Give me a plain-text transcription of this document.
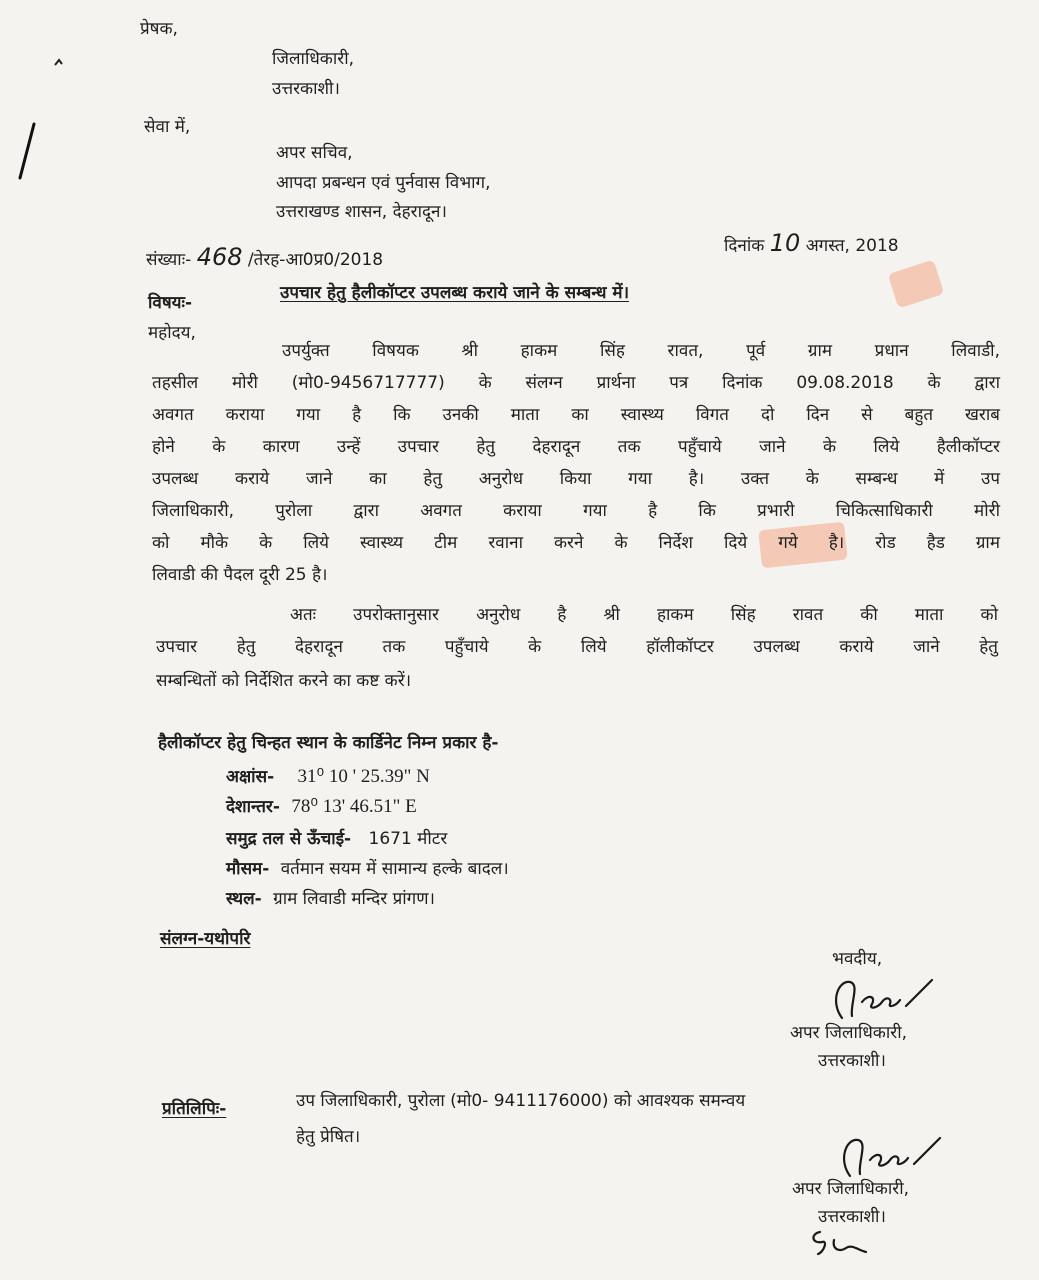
प्रेषक,
जिलाधिकारी,
उत्तरकाशी।
सेवा में,
अपर सचिव,
आपदा प्रबन्धन एवं पुर्नवास विभाग,
उत्तराखण्ड शासन, देहरादून।
संख्याः- 468 /तेरह-आ0प्र0/2018
दिनांक 10 अगस्त, 2018
विषयः-	उपचार हेतु हैलीकॉप्टर उपलब्ध कराये जाने के सम्बन्ध में।
महोदय,
उपर्युक्त विषयक श्री हाकम सिंह रावत, पूर्व ग्राम प्रधान लिवाडी,
तहसील मोरी (मो0-9456717777) के संलग्न प्रार्थना पत्र दिनांक 09.08.2018 के द्वारा
अवगत कराया गया है कि उनकी माता का स्वास्थ्य विगत दो दिन से बहुत खराब
होने के कारण उन्हें उपचार हेतु देहरादून तक पहुँचाये जाने के लिये हैलीकॉप्टर
उपलब्ध कराये जाने का हेतु अनुरोध किया गया है। उक्त के सम्बन्ध में उप
जिलाधिकारी, पुरोला द्वारा अवगत कराया गया है कि प्रभारी चिकित्साधिकारी मोरी
को मौके के लिये स्वास्थ्य टीम रवाना करने के निर्देश दिये गये है। रोड हैड ग्राम
लिवाडी की पैदल दूरी 25 है।
अतः उपरोक्तानुसार अनुरोध है श्री हाकम सिंह रावत की माता को
उपचार हेतु देहरादून तक पहुँचाये के लिये हॉलीकॉप्टर उपलब्ध कराये जाने हेतु
सम्बन्धितों को निर्देशित करने का कष्ट करें।
हैलीकॉप्टर हेतु चिन्हत स्थान के कार्डिनेट निम्न प्रकार है-
अक्षांस- 31⁰ 10 ' 25.39" N
देशान्तर- 78⁰ 13' 46.51" E
समुद्र तल से ऊँचाई- 1671 मीटर
मौसम- वर्तमान सयम में सामान्य हल्के बादल।
स्थल- ग्राम लिवाडी मन्दिर प्रांगण।
संलग्न-यथोपरि
भवदीय,
अपर जिलाधिकारी,
उत्तरकाशी।
प्रतिलिपिः-	उप जिलाधिकारी, पुरोला (मो0- 9411176000) को आवश्यक समन्वय
हेतु प्रेषित।
अपर जिलाधिकारी,
उत्तरकाशी।
